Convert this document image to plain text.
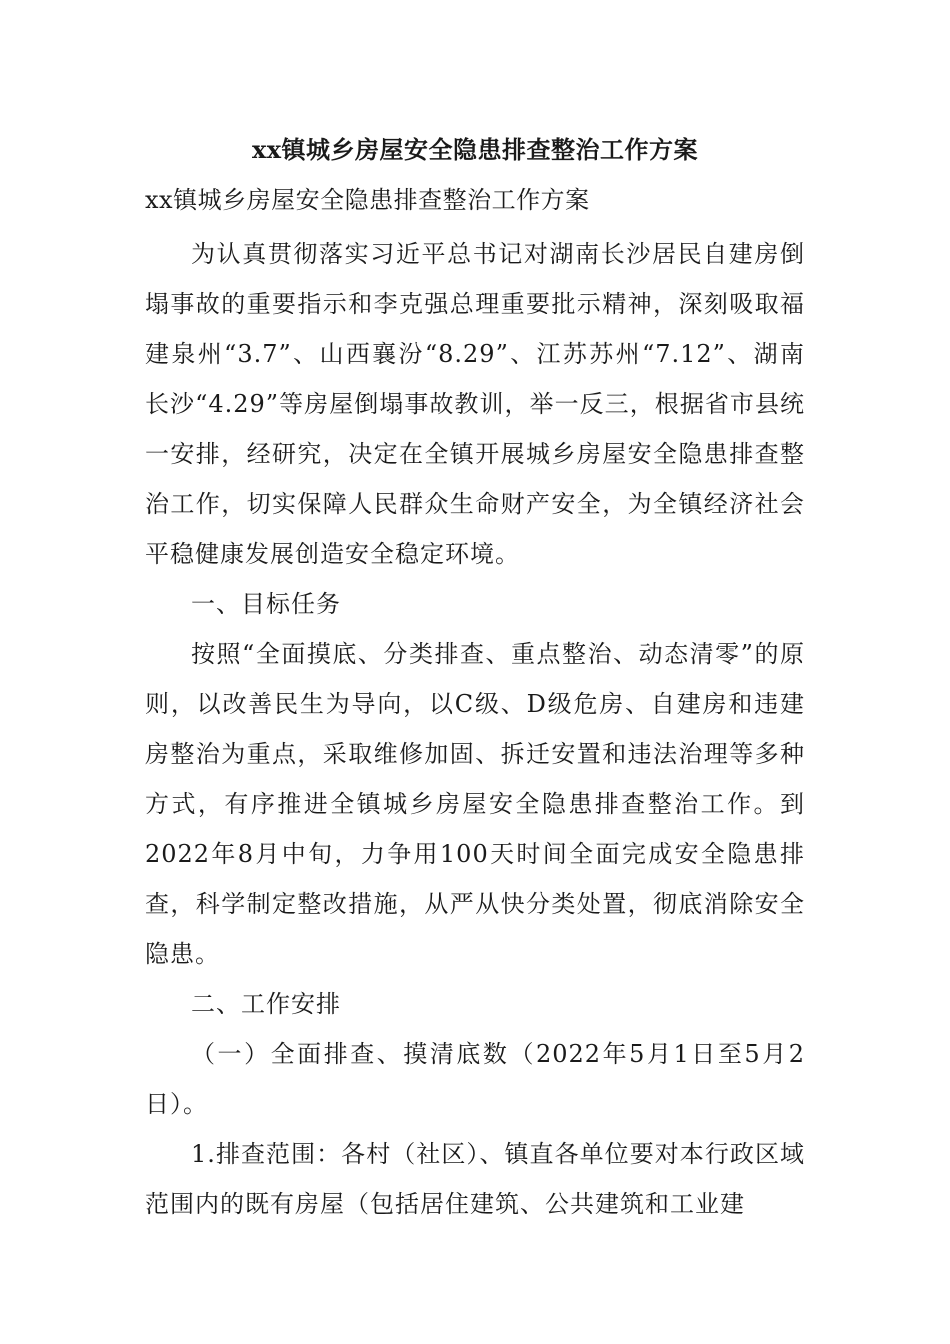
xx镇城乡房屋安全隐患排查整治工作方案
xx镇城乡房屋安全隐患排查整治工作方案

为认真贯彻落实习近平总书记对湖南长沙居民自建房倒塌事故的重要指示和李克强总理重要批示精神，深刻吸取福建泉州“3.7”、山西襄汾“8.29”、江苏苏州“7.12”、湖南长沙“4.29”等房屋倒塌事故教训，举一反三，根据省市县统一安排，经研究，决定在全镇开展城乡房屋安全隐患排查整治工作，切实保障人民群众生命财产安全，为全镇经济社会平稳健康发展创造安全稳定环境。

一、目标任务

按照“全面摸底、分类排查、重点整治、动态清零”的原则，以改善民生为导向，以C级、D级危房、自建房和违建房整治为重点，采取维修加固、拆迁安置和违法治理等多种方式，有序推进全镇城乡房屋安全隐患排查整治工作。到2022年8月中旬，力争用100天时间全面完成安全隐患排查，科学制定整改措施，从严从快分类处置，彻底消除安全隐患。

二、工作安排

（一）全面排查、摸清底数（2022年5月1日至5月2日）。

1.排查范围：各村（社区）、镇直各单位要对本行政区域范围内的既有房屋（包括居住建筑、公共建筑和工业建
